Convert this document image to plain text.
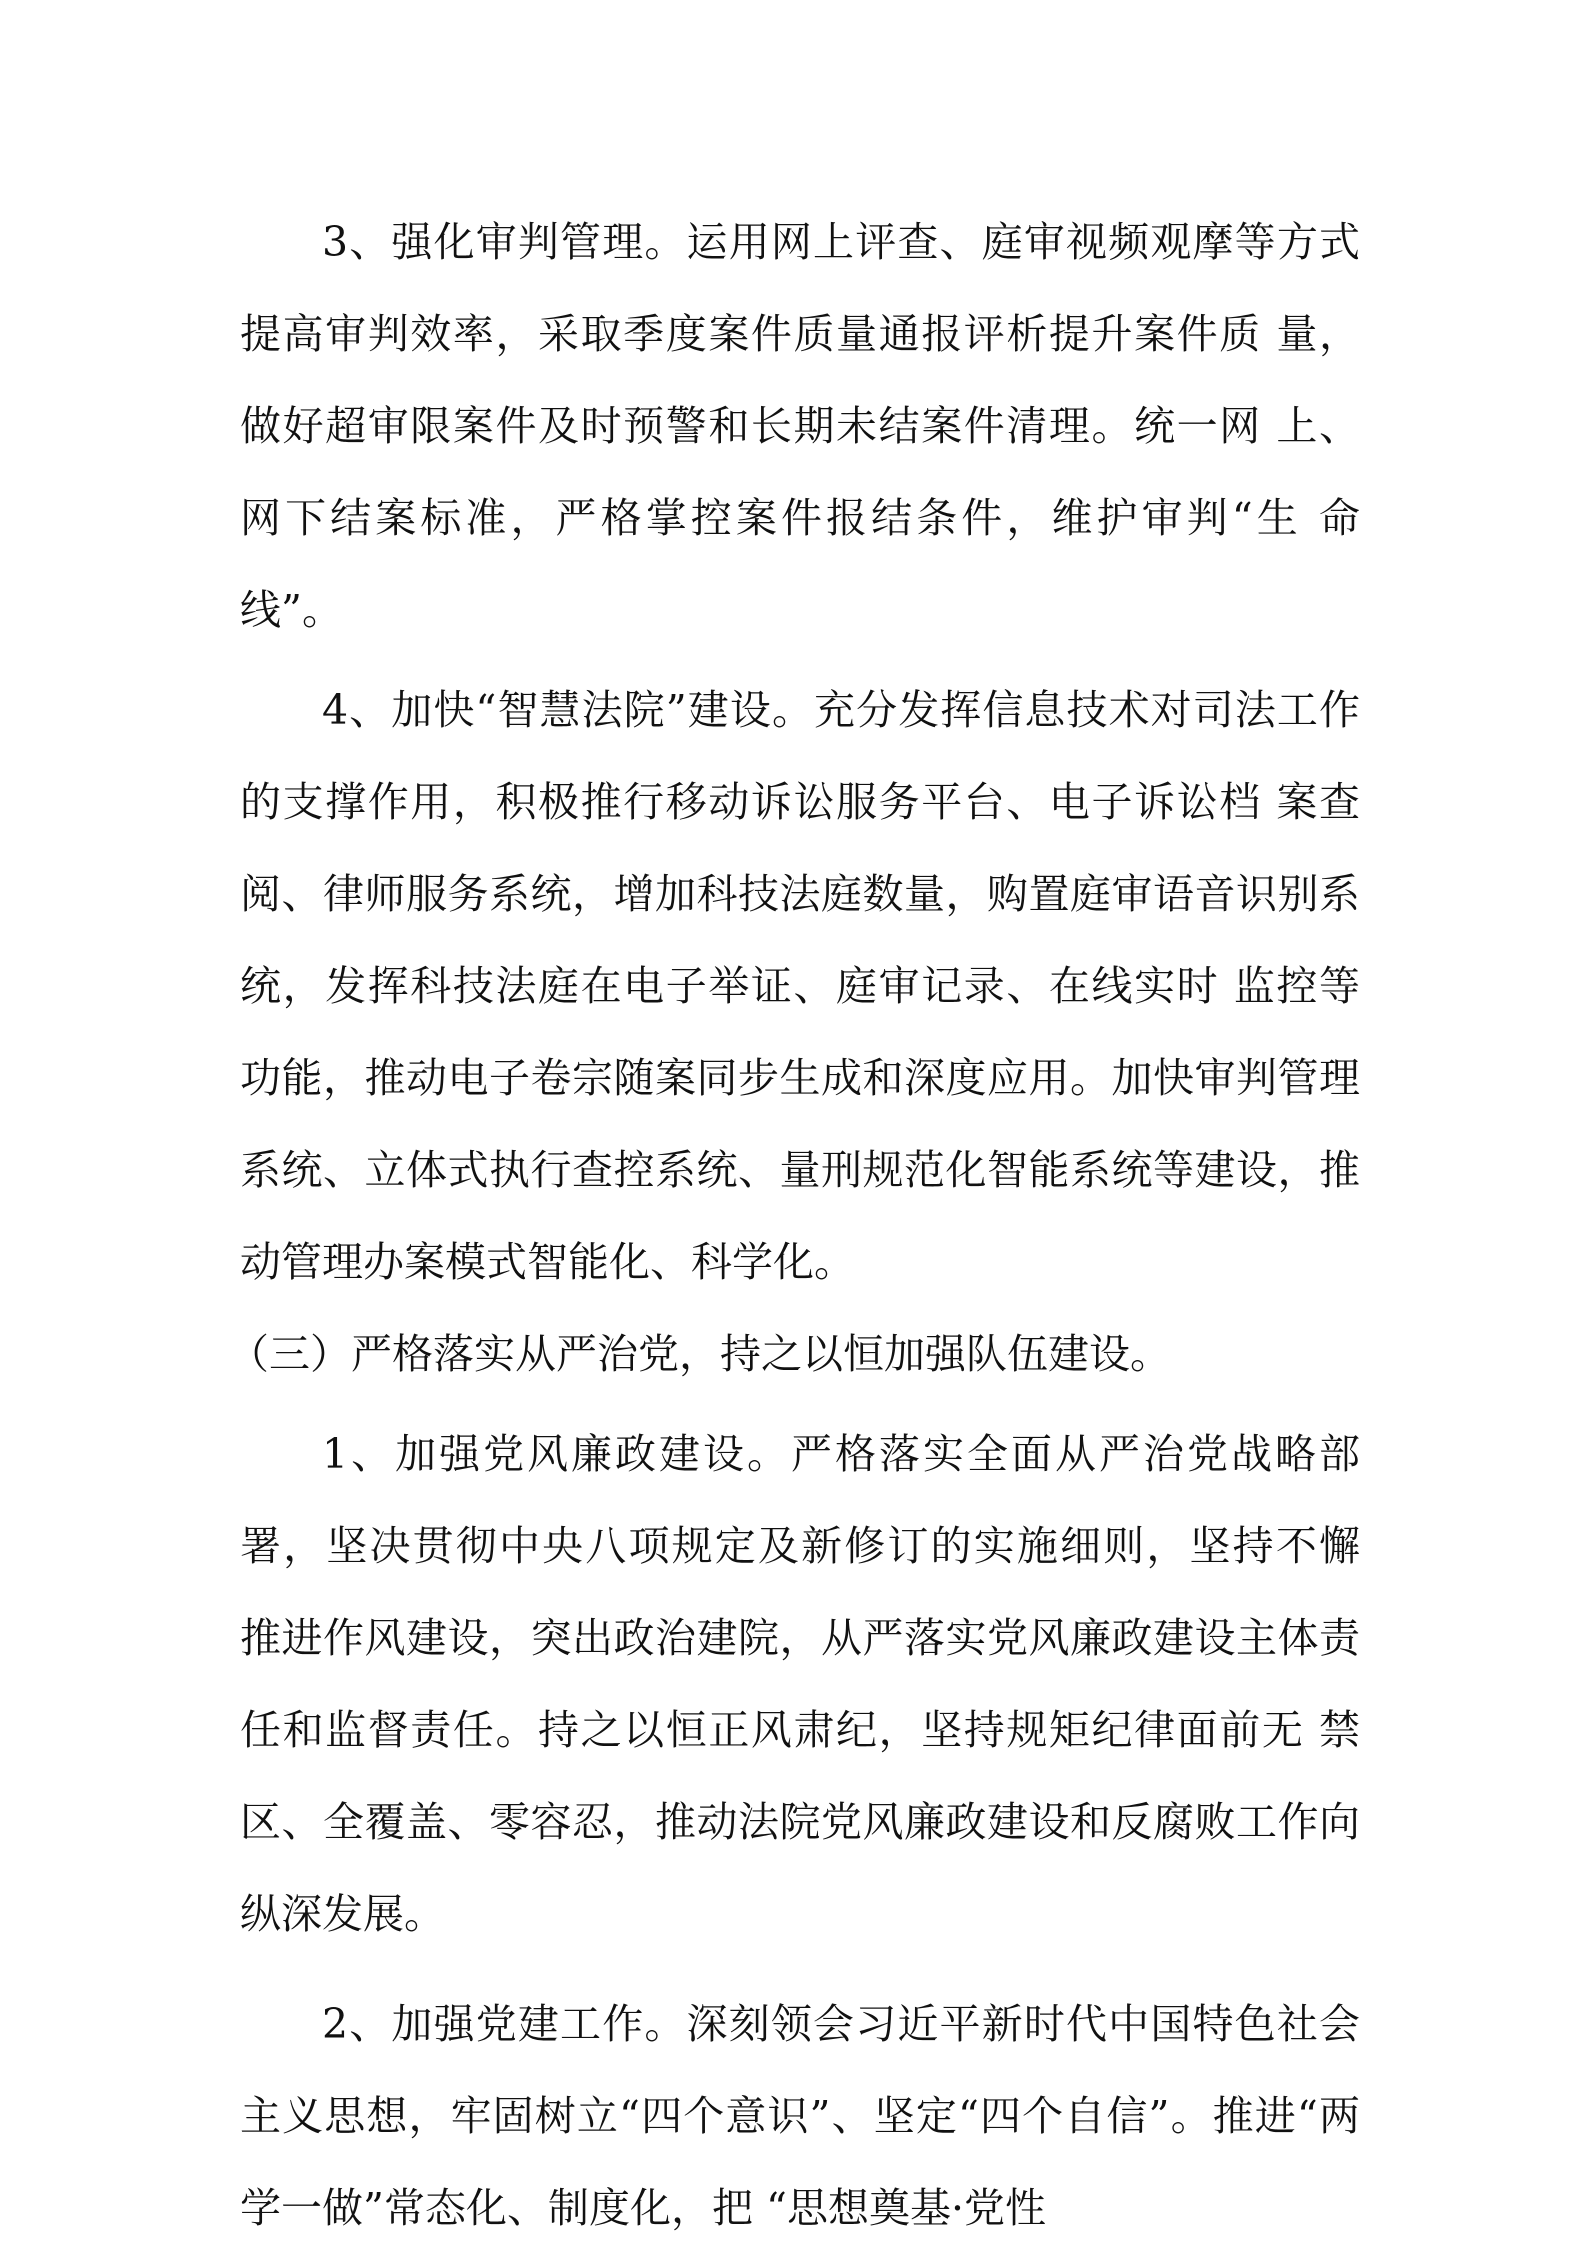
3、强化审判管理。运用网上评查、庭审视频观摩等方式提高审判效率，采取季度案件质量通报评析提升案件质 量，做好超审限案件及时预警和长期未结案件清理。统一网 上、网下结案标准，严格掌控案件报结条件，维护审判“生 命线”。

4、加快“智慧法院”建设。充分发挥信息技术对司法工作的支撑作用，积极推行移动诉讼服务平台、电子诉讼档 案查阅、律师服务系统，增加科技法庭数量，购置庭审语音识别系统，发挥科技法庭在电子举证、庭审记录、在线实时 监控等功能，推动电子卷宗随案同步生成和深度应用。加快审判管理系统、立体式执行查控系统、量刑规范化智能系统等建设，推动管理办案模式智能化、科学化。

（三）严格落实从严治党，持之以恒加强队伍建设。

1、加强党风廉政建设。严格落实全面从严治党战略部署，坚决贯彻中央八项规定及新修订的实施细则，坚持不懈 推进作风建设，突出政治建院，从严落实党风廉政建设主体责任和监督责任。持之以恒正风肃纪，坚持规矩纪律面前无 禁区、全覆盖、零容忍，推动法院党风廉政建设和反腐败工作向纵深发展。

2、加强党建工作。深刻领会习近平新时代中国特色社会主义思想，牢固树立“四个意识”、坚定“四个自信”。推进“两学一做”常态化、制度化，把 “思想奠基·党性
